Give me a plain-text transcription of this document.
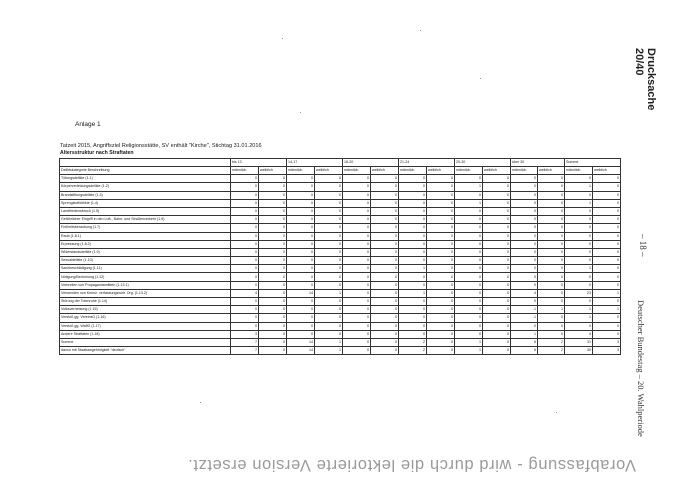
Anlage 1
Tatzeit 2015, Angriffsziel Religionsstätte, SV enthält "Kirche", Stichtag 31.01.2016
Altersstruktur nach Straftaten
	bis 13		14-17		18-20		21-24		25-30		über 30		Summe	
Deliktskategorie Beschreibung	männlich	weiblich	männlich	weiblich	männlich	weiblich	männlich	weiblich	männlich	weiblich	männlich	weiblich	männlich	weiblich
Tötungsdelikte (1.1)	0	0	0	0	0	0	0	0	0	0	0	0	0	0
Körperverletzungsdelikte (1.2)	0	0	0	0	0	0	0	0	1	0	0	0	1	0
Brandstiftungsdelikte (1.3)	0	0	0	0	0	0	0	0	0	0	0	0	0	0
Sprengstoffdelikte (1.4)	0	0	0	0	0	0	0	0	1	0	0	0	1	0
Landfriedensbruch (1.5)	0	0	0	0	0	0	0	0	0	0	0	0	0	0
Gefährlicher Eingriff in den Luft-, Bahn- und Straßenverkehr (1.6)	0	0	0	0	0	0	0	0	0	0	0	0	0	0
Freiheitsberaubung (1.7)	0	0	0	0	0	0	0	0	0	0	0	0	0	0
Raub (1.8.1)	0	0	0	0	0	0	0	0	0	0	0	0	0	0
Erpressung (1.8.2)	0	0	0	0	0	0	0	0	0	0	0	0	0	0
Widerstandsdelikte (1.9)	0	0	0	0	0	0	0	0	0	0	0	0	0	0
Sexualdelikte (1.10)	0	0	0	0	0	0	0	0	0	0	0	0	0	0
Sachbeschädigung (1.11)	0	0	0	0	0	0	1	0	0	0	0	0	1	0
Nötigung/Bedrohung (1.12)	0	0	0	0	0	0	0	0	0	0	0	0	0	0
Verbreiten von Propagandamitteln (1.13.1)	0	0	0	0	0	0	0	0	0	0	0	0	0	0
Verwenden von Kennz. verfassungswidr. Org. (1.13.2)	4	0	14	1	0	0	1	0	0	0	4	0	23	1
Störung der Totenruhe (1.14)	0	0	0	0	0	0	0	0	0	0	0	0	0	0
Volksverhetzung (1.15)	0	0	0	0	0	0	0	0	0	0	1	1	1	1
Verstoß gg. VereinsG (1.16)	0	0	0	0	0	0	0	0	0	0	1	0	1	0
Verstoß gg. WaffG (1.17)	0	0	0	0	0	0	0	0	0	0	0	0	0	0
Andere Straftaten (1.18)	3	0	0	0	0	0	0	0	0	0	1	0	4	0
Summe	7	0	14	1	0	0	2	0	1	0	6	2	31	3
davon mit Staatsangehörigkeit "deutsch"	7	0	14	1	0	0	2	0	1	0	6	2	30	3
Drucksache 20/40
– 18 –
Deutscher Bundestag – 20. Wahlperiode
Vorabfassung - wird durch die lektorierte Version ersetzt.
